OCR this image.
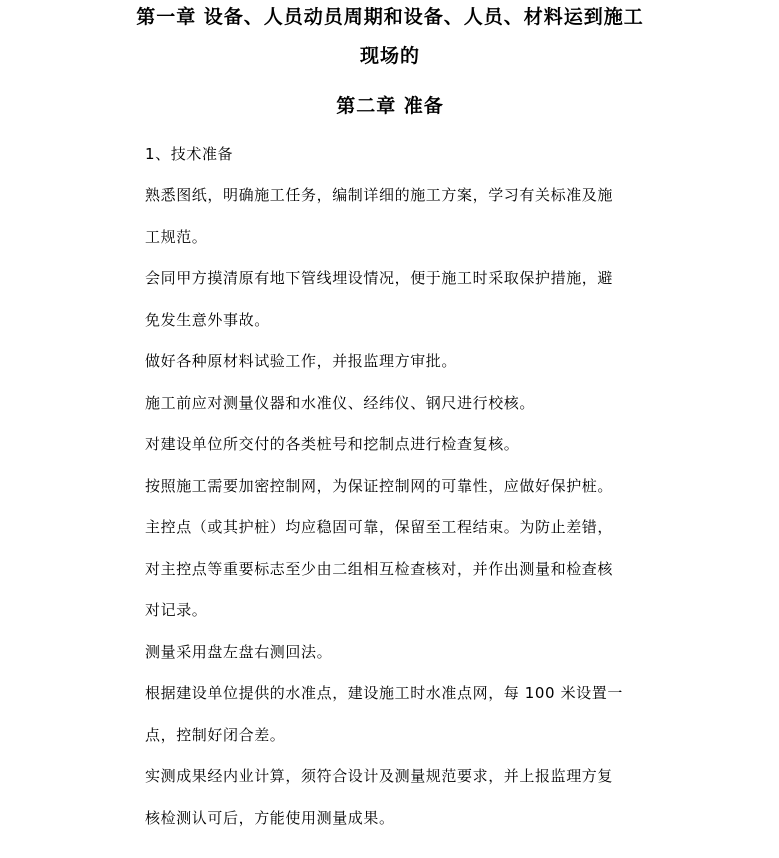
第一章 设备、人员动员周期和设备、人员、材料运到施工
现场的
第二章 准备
1、技术准备
熟悉图纸，明确施工任务，编制详细的施工方案，学习有关标准及施
工规范。
会同甲方摸清原有地下管线埋设情况，便于施工时采取保护措施，避
免发生意外事故。
做好各种原材料试验工作，并报监理方审批。
施工前应对测量仪器和水准仪、经纬仪、钢尺进行校核。
对建设单位所交付的各类桩号和挖制点进行检查复核。
按照施工需要加密控制网，为保证控制网的可靠性，应做好保护桩。
主控点（或其护桩）均应稳固可靠，保留至工程结束。为防止差错，
对主控点等重要标志至少由二组相互检查核对，并作出测量和检查核
对记录。
测量采用盘左盘右测回法。
根据建设单位提供的水准点，建设施工时水准点网，每 100 米设置一
点，控制好闭合差。
实测成果经内业计算，须符合设计及测量规范要求，并上报监理方复
核检测认可后，方能使用测量成果。
